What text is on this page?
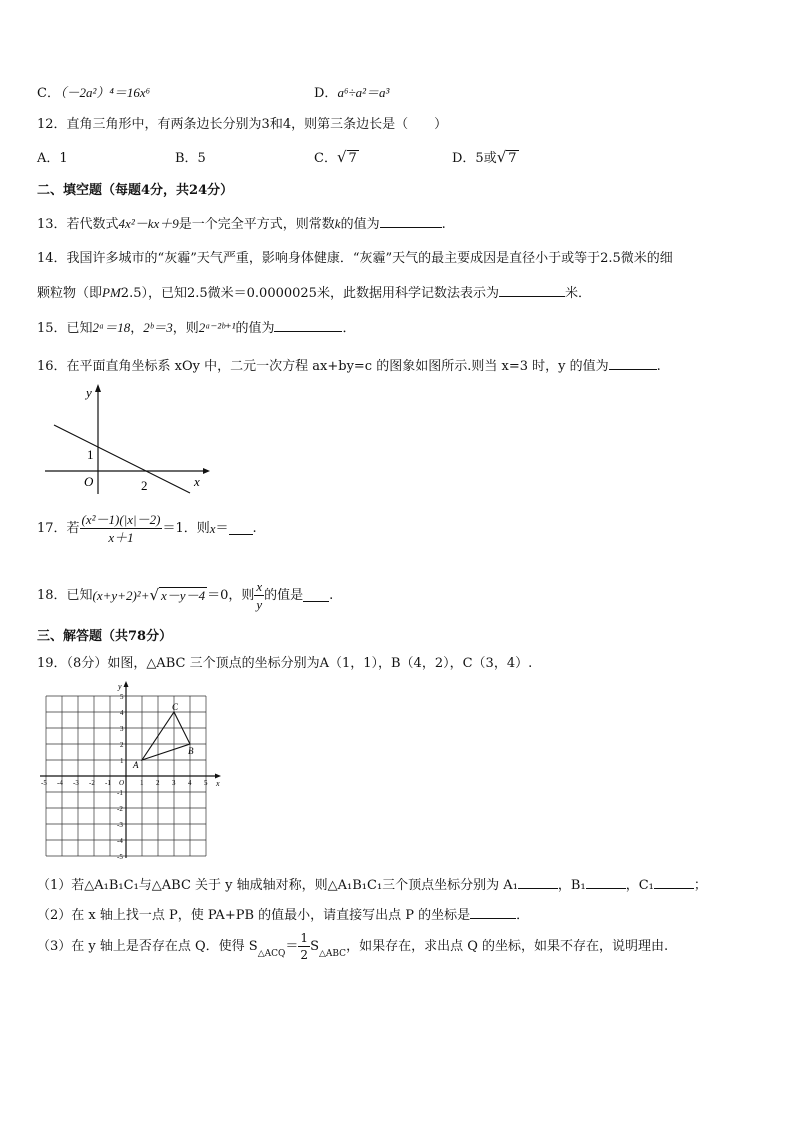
C．（－2a²）⁴＝16x⁶	D．a⁶÷a²＝a³
12．直角三角形中，有两条边长分别为3和4，则第三条边长是（　　）
A．1	B．5	C．√ 7	D．5或√ 7
二、填空题（每题4分，共24分）
13．若代数式4x²－kx＋9是一个完全平方式，则常数k的值为	.
14．我国许多城市的“灰霾”天气严重，影响身体健康．“灰霾”天气的最主要成因是直径小于或等于2.5微米的细
颗粒物（即PM2.5），已知2.5微米＝0.0000025米，此数据用科学记数法表示为	米．
15．已知2ᵃ＝18，2ᵇ＝3，则2ᵃ⁻²ᵇ⁺¹的值为	．
16．在平面直角坐标系 xOy 中，二元一次方程 ax+by=c 的图象如图所示.则当 x=3 时，y 的值为	.
y
x
O
1
2
17．若 $\frac{\text{(x²－1)(|x|－2)}}{x+1} =1$．则x＝ .
18．已知(x+y+2)²+√ x－y－4 ＝0，则 $\frac{x}{y}$ 的值是 .
三、解答题（共78分）
19．（8分）如图，△ABC 三个顶点的坐标分别为A（1，1），B（4，2），C（3，4）.
-5 -4 -3 -2 -1	1 2 3 4 5
5
4
3
2
1
-1
-2
-3
-4
-5
x
y
O
A
B
C
（1）若△A₁B₁C₁与△ABC 关于 y 轴成轴对称，则△A₁B₁C₁三个顶点坐标分别为 A₁	，B₁	，C₁	；
（2）在 x 轴上找一点 P，使 PA+PB 的值最小，请直接写出点 P 的坐标是	．
（3）在 y 轴上是否存在点 Q．使得 $S_{\triangle ACQ}= \frac{1}{2} S_{\triangle ABC}$，如果存在，求出点 Q 的坐标，如果不存在，说明理由.
